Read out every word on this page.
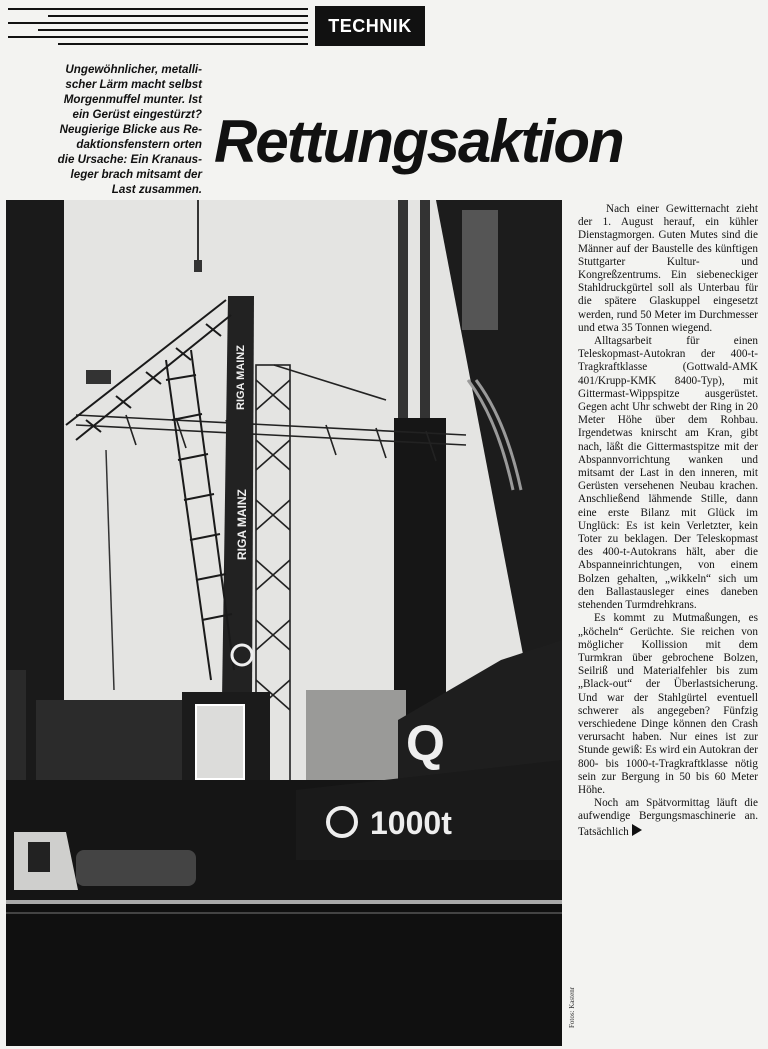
TECHNIK
Ungewöhnlicher, metalli-
scher Lärm macht selbst
Morgenmuffel munter. Ist
ein Gerüst eingestürzt?
Neugierige Blicke aus Re-
daktionsfenstern orten
die Ursache: Ein Kranaus-
leger brach mitsamt der
Last zusammen.
Rettungsaktion
RIGA MAINZ
RIGA MAINZ
Q
1000t
Fotos: Kastenr

Nach einer Gewitternacht zieht der 1. August herauf, ein kühler Dienstagmorgen. Guten Mutes sind die Männer auf der Baustelle des künftigen Stuttgarter Kultur- und Kongreßzentrums. Ein siebeneckiger Stahldruckgürtel soll als Unterbau für die spätere Glaskuppel eingesetzt werden, rund 50 Meter im Durchmesser und etwa 35 Tonnen wiegend.

Alltagsarbeit für einen Teleskopmast-Autokran der 400-t-Tragkraftklasse (Gottwald-AMK 401/Krupp-KMK 8400-Typ), mit Gittermast-Wippspitze ausgerüstet. Gegen acht Uhr schwebt der Ring in 20 Meter Höhe über dem Rohbau. Irgendetwas knirscht am Kran, gibt nach, läßt die Gittermastspitze mit der Abspannvorrichtung wanken und mitsamt der Last in den inneren, mit Gerüsten versehenen Neubau krachen. Anschließend lähmende Stille, dann eine erste Bilanz mit Glück im Unglück: Es ist kein Verletzter, kein Toter zu beklagen. Der Teleskopmast des 400-t-Autokrans hält, aber die Abspanneinrichtungen, von einem Bolzen gehalten, „wikkeln“ sich um den Ballastausleger eines daneben stehenden Turmdrehkrans.

Es kommt zu Mutmaßungen, es „köcheln“ Gerüchte. Sie reichen von möglicher Kollission mit dem Turmkran über gebrochene Bolzen, Seilriß und Materialfehler bis zum „Black-out“ der Überlastsicherung. Und war der Stahlgürtel eventuell schwerer als angegeben? Fünfzig verschiedene Dinge können den Crash verursacht haben. Nur eines ist zur Stunde gewiß: Es wird ein Autokran der 800- bis 1000-t-Tragkraftklasse nötig sein zur Bergung in 50 bis 60 Meter Höhe.

Noch am Spätvormittag läuft die aufwendige Bergungsmaschinerie an. Tatsächlich
